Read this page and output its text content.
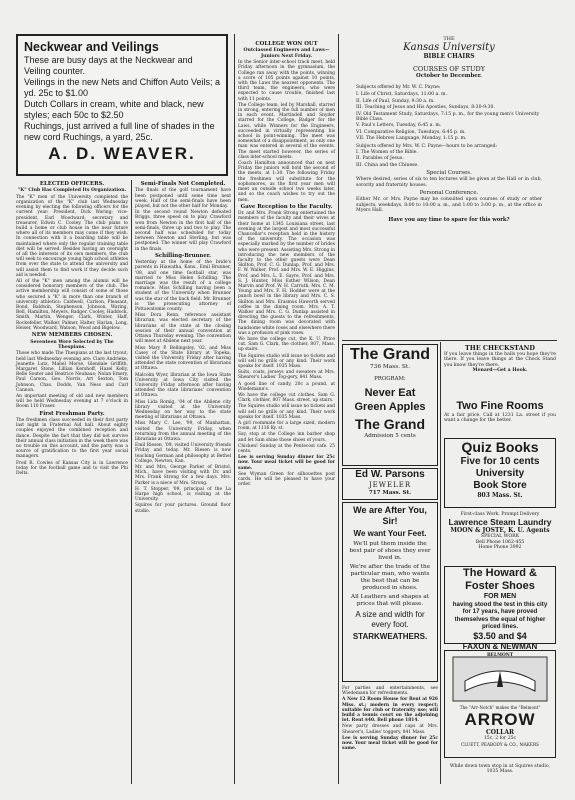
Neckwear and Veilings
These are busy days at the Neckwear and Veiling counter.
Veilings in the new Nets and Chiffon Auto Veils; a yd. 25c to $1.00
Dutch Collars in cream, white and black, new styles; each 50c to $2.50
Ruchings, just arrived a full line of shades in the new cord Ruchings, a yard, 25c.
A. D. WEAVER.
ELECTED OFFICERS.
"K" Club Has Completed Its Organization.

The "K" men of the University completed the organization of the "K" club last Wednesday evening by electing the following officers for the current year: President, Dick Waring; vice-president, Earl Woodward; secretary and treasurer, Edwin C. Cooley. The club plans to build a home or club house in the near future where all of its members may come if they wish. In connection with it a boarding table will be maintained where only the regular training table diet will be served. Besides having an oversight of all the interests of its own members, the club will seek to encourage young high school athletes from over the state to attend the university and will assist them to find work if they decide such aid is needed.

All of the "K" men among the alumni will be considered honorary members of the club. The active membership will consist of some of those who secured a "K" in more than one branch of university athletics: Caldwell, Carlson, Pleasant, Bond, Baldwin, Stephenson, Johnson, Waring, Bell, Hamilton, Meyers, Badger, Cooley, Haddock, Smith, Martin, Wenger, Clark, Winter, Haff, Rockefeller, Walker, Palmer, Halter, Harlan, Long, Heiser, Woodward, Watson, Wood and Bigelow.

NEW MEMBERS CHOSEN.
Seventeen Were Selected by The Thespians.

Those who made The Thespians at the last tryout, held last Wednesday evening are: Clare Andrieke, Jeanette Lutz, Mabel Morse, Glendale Griffith, Margaret Stone, Lillian Kershoff, Hazel Kelly, Belle Souter and Beatrice Neuhaus; Nolan Emery, Paul Carson, Geo. Norris, Art Sexton, Tom Johnson, Chas. Dodds, Van Ness and Carl Cannon.

An important meeting of old and new members will be held Wednesday evening at 7 o'clock in Room 110 Fraser.

First Freshman Party.

The freshmen class succeeded in their first party last night in Fraternal Aid hall. About eighty couples enjoyed the combined reception and dance. Despite the fact that they did not survive their annual class initiation in the week there was no trouble on this account, and the party was a source of gratification to the first year social managers.

Fred R. Cowles of Kansas City is in Lawrence today for the football game and to visit the Phi Delts.

Semi-Finals Not Completed.

The finals of the golf tournament have been postponed until some time next week. Half of the semi-finals have been played, but not the other half for Monday.

In the second round Newton defeated Briggs, three speed on to play. Crawford won from Newton in the first half of the semi-finals, three up and two to play. The second half was scheduled for today between Newton and Sterling, but was postponed. The winner will play Crawford in the finals.

Schilling-Brunner.

Yesterday at the home of the bride's parents in Hiawatha, Kans., Emil Brunner, '08, and one time football star, was married to Miss Helen Schilling. The marriage was the result of a college romance. Miss Schilling having been a student of the University when Brunner was the star of the back field. Mr. Brunner is the prosecuting attorney of Pottawatomie county.

Miss Dora Renn, reference assistant librarian, was elected secretary of the librarians of the state at the closing session of their annual convention at Ottawa Thursday evening. The convention will meet at Abilene next year.

Miss Mary P. Bellingsley, '02, and Miss Casey of the State library at Topeka, visited the University Friday after having attended the state convention of librarians at Ottawa.

Malcolm Wyer, librarian at the Iowa State University at Iowa City visited the University Friday afternoon after having attended the state librarians' convention at Ottawa.

Miss Lida Romig, '04 of the Abilene city library visited at the University Wednesday on her way to the state meeting of librarians at Ottawa.

Miss Mary C. Lee, '99, of Manhattan, visited the University Friday, when returning from the annual meeting of the librarians at Ottawa.

Emil Riesen, '09, visited University friends Friday and today. Mr. Riesen is now teaching German and philosophy at Bethel College, Newton, Kan.

Mr. and Mrs. George Parker of Bristol, Mich., have been visiting with Dr. and Mrs. Frank Strong for a few days. Mrs. Parker is a niece of Mrs. Strong.

H. T. Stopper, '09, principal of the La Harpe high school, is visiting at the University.

Squires for your pictures. Ground floor studio.

COLLEGE WON OUT
Outclassed Engineers and Laws— Juniors Next Friday.

In the Senior inter-school track meet, held Friday afternoon in the gymnasium, the College ran away with the points, winning a score of 105 points against 10 points, with the Laws the nearest opponents. The third team, the engineers, who were expected to cause trouble, finished last with 11 points.

The College team, led by Marshall, starred in strong, entering the full number of men in each event. Martindell and Snyder starred for the College, Badger for the Laws, while Winners for the Engineers, succeeded in virtually representing his school in point-winning. The meet was somewhat of a disappointment, as only one man was entered in several of the events. The meet started however, the series of class inter-school meets.

Coach Hamilton announced that on next Friday the juniors will hold the second of the meets, at 1:30. The following Friday the freshmen will substitute for the sophomores, as the first year men will meet an outside school two weeks later, and so the coach wishes to try out the men.

Gave Reception to the Faculty.

Dr. and Mrs. Frank Strong entertained the members of the faculty and their wives at their home at 1345 Louisiana street, last evening at the largest and most successful Chancellor's reception held in the history of the university. The occasion was especially marked by the number of brides who were present. Assisting Mrs. Strong in introducing the new members of the faculty to the other guests were Dean Skilton, Prof. C. G. Dunlap, Prof. and Mrs. F. W. Walker, Prof. and Mrs. W. E. Higgins, Prof. and Mrs. L. E. Sayre, Prof. and Mrs. S. J. Hunter, Miss Esther Wilson, Dean Marvin and Prof. W. H. Carruth. Mrs. C. M. Young and Mrs. F. H. Hodder were at the punch bowl in the library and Mrs. C. S. Skilton and Mrs. Erasmus Haworth served coffee in the dining room. Mrs. A. T. Walker and Mrs. C. G. Dunlap assisted in directing the guests to the refreshments. The dining room was decorated with handsome white roses and elsewhere there was a profusion of pink roses.

We have the college cut, the K. U. Price cut. Sam G. Clark, the clothier, 807, Mass. up stairs.

The Squires studio will issue no tickets and will sell no grills or any kind. Their work speaks for itself. 1035 Mass.

Suits, coats, jerseys and sweaters at Mrs. Shearer's Ladies' Tog-gery, 841 Mass.

A good line of candy, 20c a pound, at Wiedemann's.

We have the college cut clothes. Sam G. Clark, clothier, 807 Mass. street, up stairs.

The Squires studio will issue no tickets and will sell no grills or any kind. Their work speaks for itself. 1035 Mass.

A girl roommate for a large sized, modern room, at 1116 Ky. st.

Say, stop at the College inn barber shop and let Sam shine those shoes of yours.

Chicken! Sunday at the Pentecost cafe. 25 cents.

Lee is serving Sunday dinner for 25c now. Your meal ticket will be good for same.

See Wyman Green for silhouettes post cards. He will be pleased to have your order.

THE
Kansas University
BIBLE CHAIRS
COURSES OF STUDY
October to December.
Subjects offered by Mr. W. C. Payne:
I. Life of Christ, Saturdays, 11:00 a. m.
II. Life of Paul, Sunday, 9:30 a. m.
III. Teaching of Jesus and His Apostles, Sundays, 8:30-9:30.
IV. Old Testament Study, Saturdays, 7:15 p. m., for the young men's University Bible Class.
V. Paul's Letters, Tuesday, 6:45 a. m.
VI. Comparative Religion, Tuesdays, 6:45 p. m.
VII. The Hebrew Language, Monday, 1:15 p. m.
Subjects offered by Mrs. W. C. Payne—hours to be arranged:
I. The Women of the Bible.
II. Parables of Jesus.
III. China and the Chinese.
Special Courses.
Where desired, series of six to ten lectures will be given at the Hall or in club, sorority and fraternity houses.
Personal Conference.
Either Mr. or Mrs. Payne may be consulted upon courses of study or other subjects, weekdays, 8:00 to 10:00 a. m., and 1:00 to 3:00 p. m., at the office in Myers Hall.
Have you any time to spare for this work?
The Grand
736 Mass. St.
PROGRAM:
Never Eat
Green Apples
The Grand
Admission 5 cents
Ed W. Parsons
JEWELER
717 Mass. St.
We are After You, Sir!
We want Your Feet.
We'll put them inside the best pair of shoes they ever lived in.
We're after the trade of the particular man, who wants the best that can be produced in shoes.
All Leathers and shapes at prices that will please.
A size and width for every foot.
STARKWEATHERS.

For parties and entertainments, see Wiedemann for refreshments.

A New 12 Room House for Rent at 926 Miss. st.; modern in every respect; suitable for club or fraternity use; will build a tennis court on the adjoining lot. Rent $40. Bell phone 1814.

New party dresses and caps at Mrs. Shearer's, Ladies' toggery, 841 Mass.

Lee is serving Sunday dinner for 25c now. Your meal ticket will be good for same.

THE CHECKSTAND
If you leave things in the halls you hope they're there. If you leave things at the Check Stand you know they're there.
Menard—Get a Hook.
Two Fine Rooms
At a fair price. Call at 1231 La. street if you want a change for the better.
Quiz Books
Five for 10 cents
University
Book Store
803 Mass. St.
First-class Work. Prompt Delivery
Lawrence Steam Laundry
MOON & JOSTE, K. U. Agents
SPECIAL WORK
Bell Phone 1062-455
Home Phone 3992
The Howard &
Foster Shoes
FOR MEN
having stood the test in this city for 17 years, have proved themselves the equal of higher priced lines.
$3.50 and $4
FAXON & NEWMAN
BELMONT
The "Arr-Notch" makes the "Belmont"
ARROW
COLLAR
15c, 2 for 25c
CLUETT, PEABODY & CO., MAKERS
While down town stop in at Squires studio, 1035 Mass.
